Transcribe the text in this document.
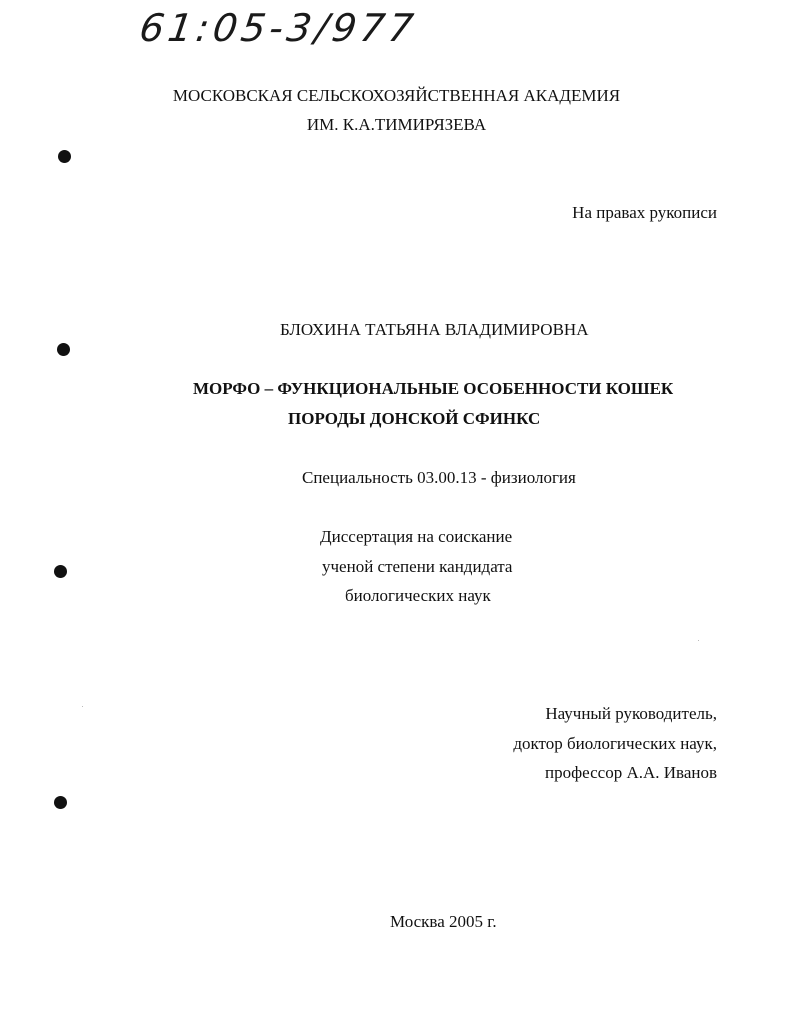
61:05-3/977
МОСКОВСКАЯ СЕЛЬСКОХОЗЯЙСТВЕННАЯ АКАДЕМИЯ
ИМ. К.А.ТИМИРЯЗЕВА
На правах рукописи
БЛОХИНА ТАТЬЯНА ВЛАДИМИРОВНА
МОРФО – ФУНКЦИОНАЛЬНЫЕ ОСОБЕННОСТИ КОШЕК
ПОРОДЫ ДОНСКОЙ СФИНКС
Специальность 03.00.13 - физиология
Диссертация на соискание
ученой степени кандидата
биологических наук
Научный руководитель,
доктор биологических наук,
профессор А.А. Иванов
Москва 2005 г.
